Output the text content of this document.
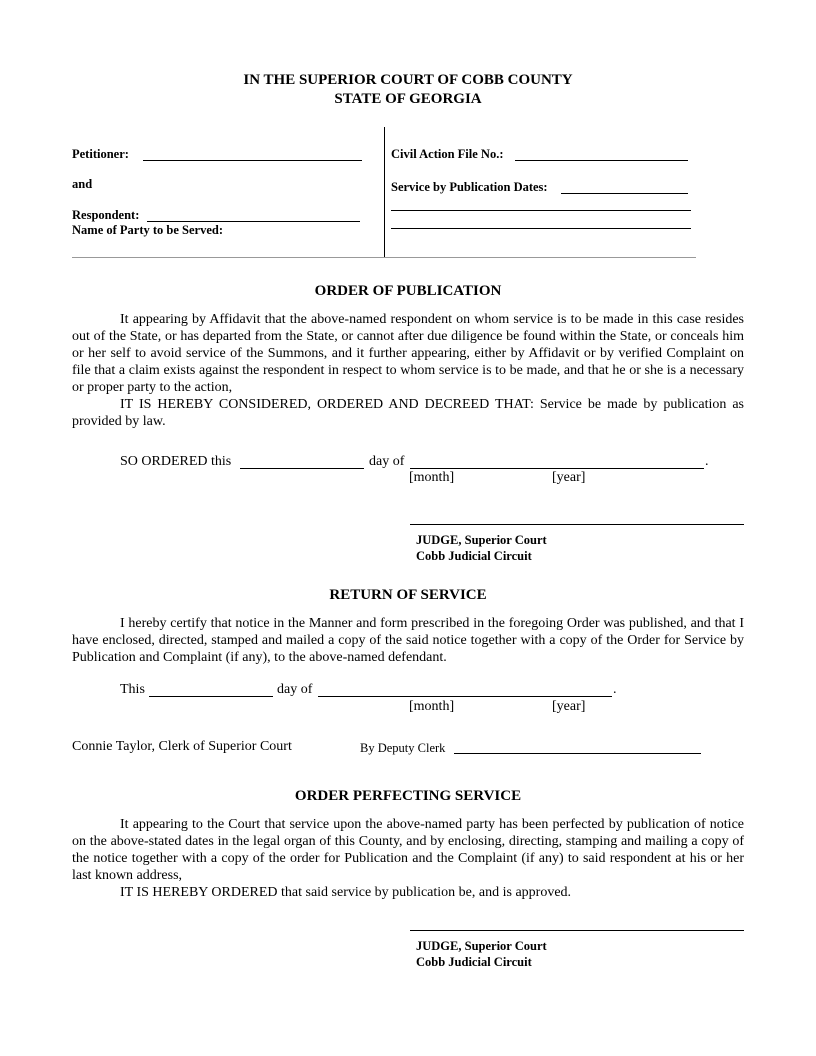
IN THE SUPERIOR COURT OF COBB COUNTY
STATE OF GEORGIA
Petitioner:
and
Respondent:
Name of Party to be Served:
Civil Action File No.:
Service by Publication Dates:
ORDER OF PUBLICATION

It appearing by Affidavit that the above-named respondent on whom service is to be made in this case resides out of the State, or has departed from the State, or cannot after due diligence be found within the State, or conceals him or her self to avoid service of the Summons, and it further appearing, either by Affidavit or by verified Complaint on file that a claim exists against the respondent in respect to whom service is to be made, and that he or she is a necessary or proper party to the action,

IT IS HEREBY CONSIDERED, ORDERED AND DECREED THAT: Service be made by publication as provided by law.

SO ORDERED this	day of	.
[month]	[year]
JUDGE, Superior Court
Cobb Judicial Circuit
RETURN OF SERVICE

I hereby certify that notice in the Manner and form prescribed in the foregoing Order was published, and that I have enclosed, directed, stamped and mailed a copy of the said notice together with a copy of the Order for Service by Publication and Complaint (if any), to the above-named defendant.

This	day of	.
[month]	[year]
Connie Taylor, Clerk of Superior Court	By Deputy Clerk
ORDER PERFECTING SERVICE

It appearing to the Court that service upon the above-named party has been perfected by publication of notice on the above-stated dates in the legal organ of this County, and by enclosing, directing, stamping and mailing a copy of the notice together with a copy of the order for Publication and the Complaint (if any) to said respondent at his or her last known address,

IT IS HEREBY ORDERED that said service by publication be, and is approved.

JUDGE, Superior Court
Cobb Judicial Circuit
